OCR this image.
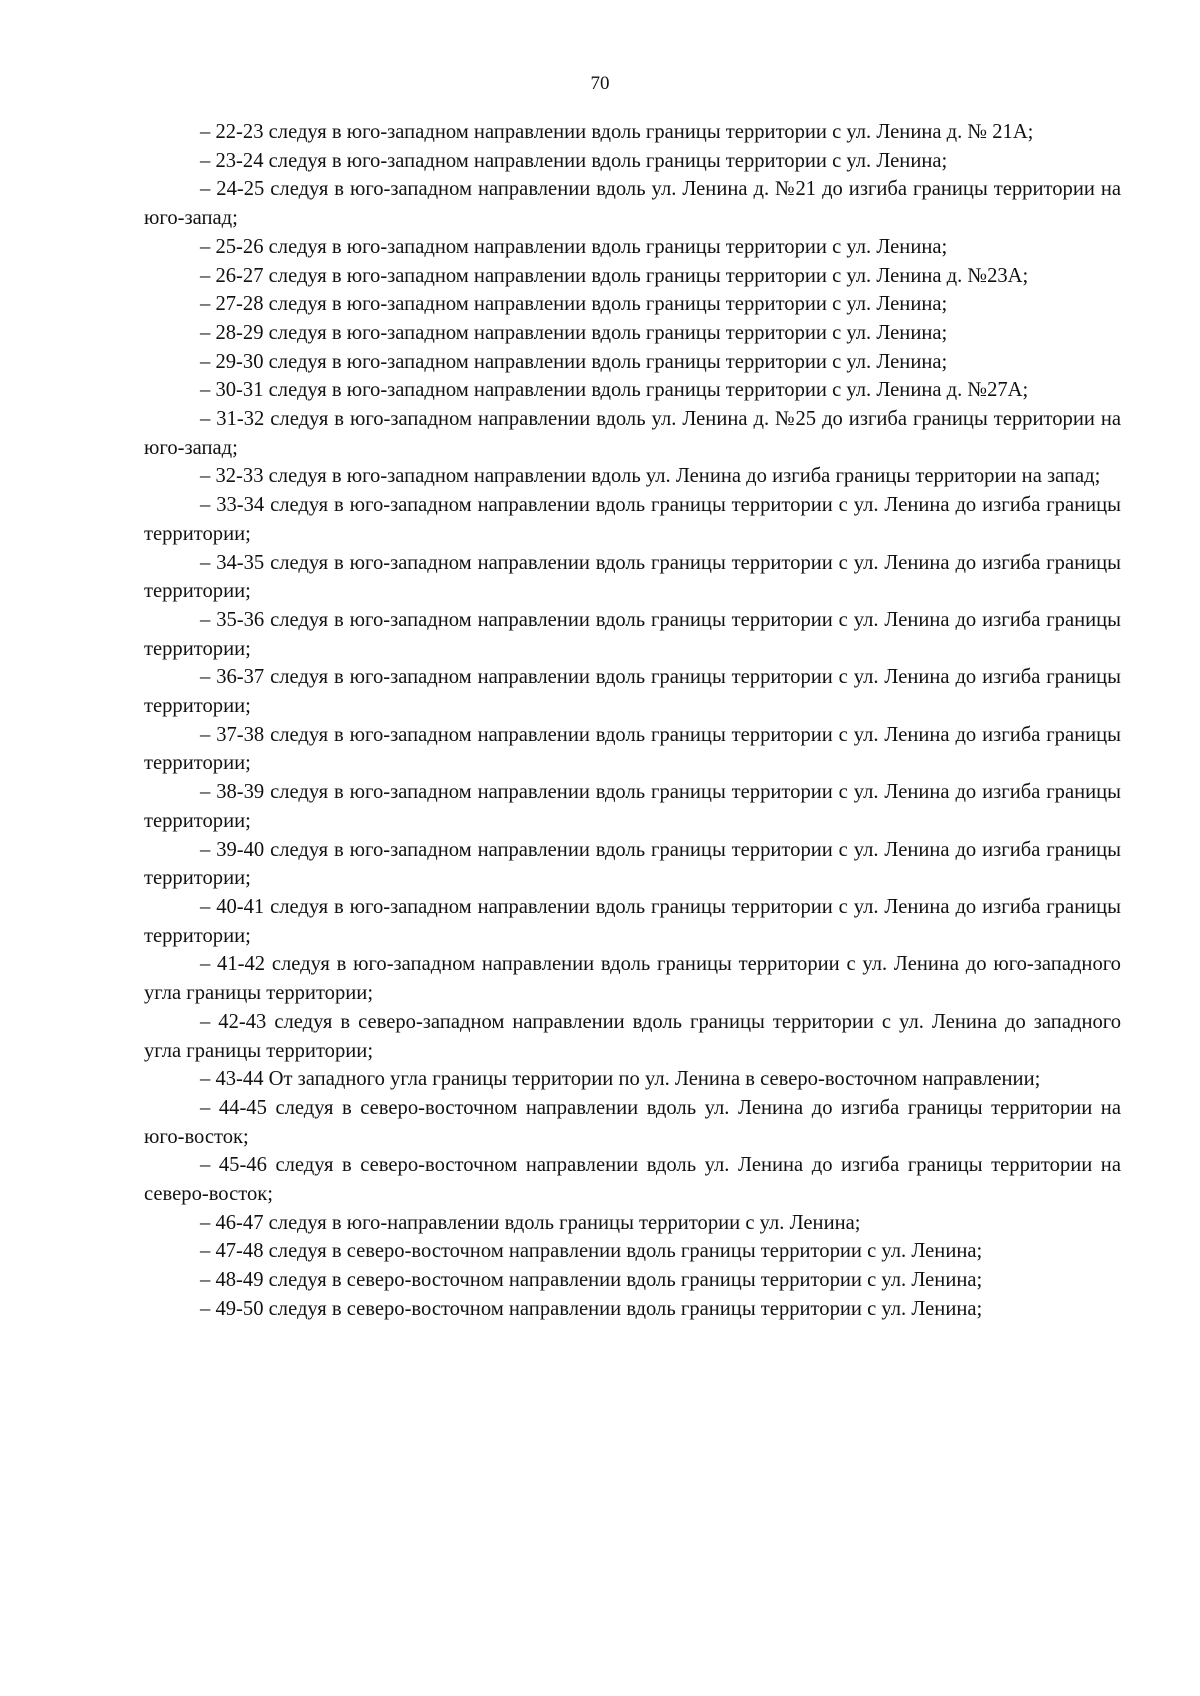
70

– 22-23 следуя в юго-западном направлении вдоль границы территории с ул. Ленина д. № 21А;

– 23-24 следуя в юго-западном направлении вдоль границы территории с ул. Ленина;

– 24-25 следуя в юго-западном направлении вдоль ул. Ленина д. №21 до изгиба границы территории на юго-запад;

– 25-26 следуя в юго-западном направлении вдоль границы территории с ул. Ленина;

– 26-27 следуя в юго-западном направлении вдоль границы территории с ул. Ленина д. №23А;

– 27-28 следуя в юго-западном направлении вдоль границы территории с ул. Ленина;

– 28-29 следуя в юго-западном направлении вдоль границы территории с ул. Ленина;

– 29-30 следуя в юго-западном направлении вдоль границы территории с ул. Ленина;

– 30-31 следуя в юго-западном направлении вдоль границы территории с ул. Ленина д. №27А;

– 31-32 следуя в юго-западном направлении вдоль ул. Ленина д. №25 до изгиба границы территории на юго-запад;

– 32-33 следуя в юго-западном направлении вдоль ул. Ленина до изгиба границы территории на запад;

– 33-34 следуя в юго-западном направлении вдоль границы территории с ул. Ленина до изгиба границы территории;

– 34-35 следуя в юго-западном направлении вдоль границы территории с ул. Ленина до изгиба границы территории;

– 35-36 следуя в юго-западном направлении вдоль границы территории с ул. Ленина до изгиба границы территории;

– 36-37 следуя в юго-западном направлении вдоль границы территории с ул. Ленина до изгиба границы территории;

– 37-38 следуя в юго-западном направлении вдоль границы территории с ул. Ленина до изгиба границы территории;

– 38-39 следуя в юго-западном направлении вдоль границы территории с ул. Ленина до изгиба границы территории;

– 39-40 следуя в юго-западном направлении вдоль границы территории с ул. Ленина до изгиба границы территории;

– 40-41 следуя в юго-западном направлении вдоль границы территории с ул. Ленина до изгиба границы территории;

– 41-42 следуя в юго-западном направлении вдоль границы территории с ул. Ленина до юго-западного угла границы территории;

– 42-43 следуя в северо-западном направлении вдоль границы территории с ул. Ленина до западного угла границы территории;

– 43-44 От западного угла границы территории по ул. Ленина в северо-восточном направлении;

– 44-45 следуя в северо-восточном направлении вдоль ул. Ленина до изгиба границы территории на юго-восток;

– 45-46 следуя в северо-восточном направлении вдоль ул. Ленина до изгиба границы территории на северо-восток;

– 46-47 следуя в юго-направлении вдоль границы территории с ул. Ленина;

– 47-48 следуя в северо-восточном направлении вдоль границы территории с ул. Ленина;

– 48-49 следуя в северо-восточном направлении вдоль границы территории с ул. Ленина;

– 49-50 следуя в северо-восточном направлении вдоль границы территории с ул. Ленина;
